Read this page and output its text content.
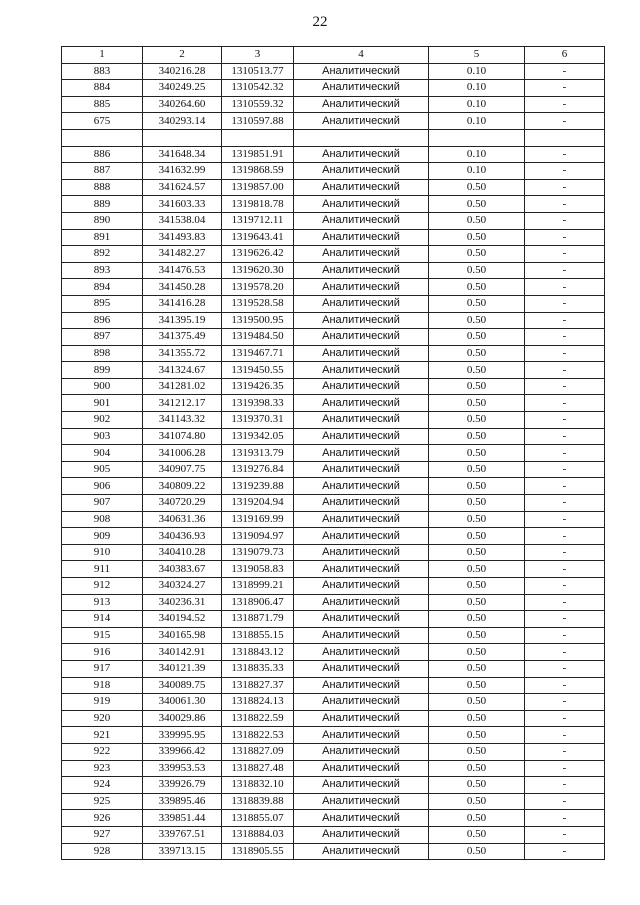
22
1	2	3	4	5	6
883	340216.28	1310513.77	Аналитический	0.10	-
884	340249.25	1310542.32	Аналитический	0.10	-
885	340264.60	1310559.32	Аналитический	0.10	-
675	340293.14	1310597.88	Аналитический	0.10	-

886	341648.34	1319851.91	Аналитический	0.10	-
887	341632.99	1319868.59	Аналитический	0.10	-
888	341624.57	1319857.00	Аналитический	0.50	-
889	341603.33	1319818.78	Аналитический	0.50	-
890	341538.04	1319712.11	Аналитический	0.50	-
891	341493.83	1319643.41	Аналитический	0.50	-
892	341482.27	1319626.42	Аналитический	0.50	-
893	341476.53	1319620.30	Аналитический	0.50	-
894	341450.28	1319578.20	Аналитический	0.50	-
895	341416.28	1319528.58	Аналитический	0.50	-
896	341395.19	1319500.95	Аналитический	0.50	-
897	341375.49	1319484.50	Аналитический	0.50	-
898	341355.72	1319467.71	Аналитический	0.50	-
899	341324.67	1319450.55	Аналитический	0.50	-
900	341281.02	1319426.35	Аналитический	0.50	-
901	341212.17	1319398.33	Аналитический	0.50	-
902	341143.32	1319370.31	Аналитический	0.50	-
903	341074.80	1319342.05	Аналитический	0.50	-
904	341006.28	1319313.79	Аналитический	0.50	-
905	340907.75	1319276.84	Аналитический	0.50	-
906	340809.22	1319239.88	Аналитический	0.50	-
907	340720.29	1319204.94	Аналитический	0.50	-
908	340631.36	1319169.99	Аналитический	0.50	-
909	340436.93	1319094.97	Аналитический	0.50	-
910	340410.28	1319079.73	Аналитический	0.50	-
911	340383.67	1319058.83	Аналитический	0.50	-
912	340324.27	1318999.21	Аналитический	0.50	-
913	340236.31	1318906.47	Аналитический	0.50	-
914	340194.52	1318871.79	Аналитический	0.50	-
915	340165.98	1318855.15	Аналитический	0.50	-
916	340142.91	1318843.12	Аналитический	0.50	-
917	340121.39	1318835.33	Аналитический	0.50	-
918	340089.75	1318827.37	Аналитический	0.50	-
919	340061.30	1318824.13	Аналитический	0.50	-
920	340029.86	1318822.59	Аналитический	0.50	-
921	339995.95	1318822.53	Аналитический	0.50	-
922	339966.42	1318827.09	Аналитический	0.50	-
923	339953.53	1318827.48	Аналитический	0.50	-
924	339926.79	1318832.10	Аналитический	0.50	-
925	339895.46	1318839.88	Аналитический	0.50	-
926	339851.44	1318855.07	Аналитический	0.50	-
927	339767.51	1318884.03	Аналитический	0.50	-
928	339713.15	1318905.55	Аналитический	0.50	-
